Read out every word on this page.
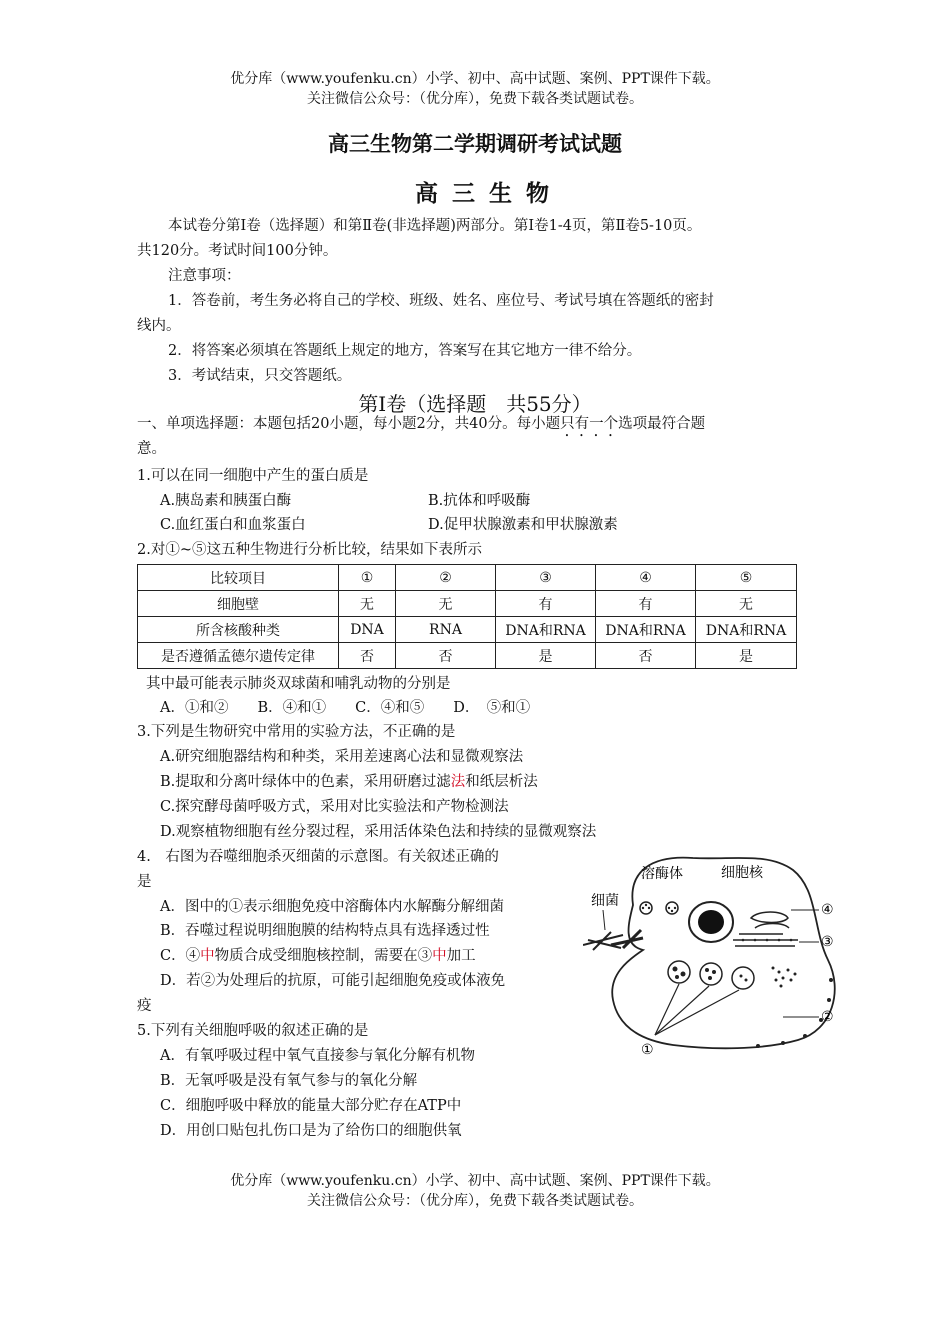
优分库（www.youfenku.cn）小学、初中、高中试题、案例、PPT课件下载。
关注微信公众号：（优分库），免费下载各类试题试卷。
高三生物第二学期调研考试试题
高三生物
本试卷分第Ⅰ卷（选择题）和第Ⅱ卷(非选择题)两部分。第Ⅰ卷1-4页，第Ⅱ卷5-10页。
共120分。考试时间100分钟。
注意事项：
1．答卷前，考生务必将自己的学校、班级、姓名、座位号、考试号填在答题纸的密封
线内。
2．将答案必须填在答题纸上规定的地方，答案写在其它地方一律不给分。
3．考试结束，只交答题纸。
第Ⅰ卷（选择题　共55分）
一、单项选择题：本题包括20小题，每小题2分，共40分。每小题只有一个选项最符合题
意。
1.可以在同一细胞中产生的蛋白质是
A.胰岛素和胰蛋白酶	B.抗体和呼吸酶
C.血红蛋白和血浆蛋白	D.促甲状腺激素和甲状腺激素
2.对①~⑤这五种生物进行分析比较，结果如下表所示
比较项目	①	②	③	④	⑤
细胞壁	无	无	有	有	无
所含核酸种类	DNA	RNA	DNA和RNA	DNA和RNA	DNA和RNA
是否遵循孟德尔遗传定律	否	否	是	否	是
其中最可能表示肺炎双球菌和哺乳动物的分别是
A．①和②　　B．④和①　　C．④和⑤　　D．　⑤和①
3.下列是生物研究中常用的实验方法，不正确的是
A.研究细胞器结构和种类，采用差速离心法和显微观察法
B.提取和分离叶绿体中的色素，采用研磨过滤法和纸层析法
C.探究酵母菌呼吸方式，采用对比实验法和产物检测法
D.观察植物细胞有丝分裂过程，采用活体染色法和持续的显微观察法
4.　右图为吞噬细胞杀灭细菌的示意图。有关叙述正确的
是
A．图中的①表示细胞免疫中溶酶体内水解酶分解细菌
B．吞噬过程说明细胞膜的结构特点具有选择透过性
C．④中物质合成受细胞核控制，需要在③中加工
D．若②为处理后的抗原，可能引起细胞免疫或体液免
疫
溶酶体	细胞核
细菌
④
③
②
①
5.下列有关细胞呼吸的叙述正确的是
A．有氧呼吸过程中氧气直接参与氧化分解有机物
B．无氧呼吸是没有氧气参与的氧化分解
C．细胞呼吸中释放的能量大部分贮存在ATP中
D．用创口贴包扎伤口是为了给伤口的细胞供氧
优分库（www.youfenku.cn）小学、初中、高中试题、案例、PPT课件下载。
关注微信公众号：（优分库），免费下载各类试题试卷。
